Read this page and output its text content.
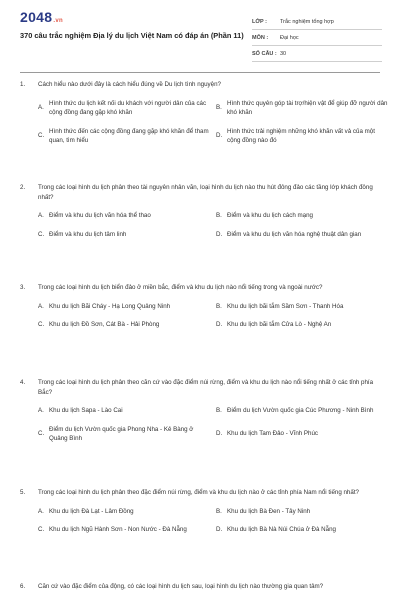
2048.vn
370 câu trắc nghiệm Địa lý du lịch Việt Nam có đáp án (Phần 11)
LỚP :	Trắc nghiệm tổng hợp
MÔN :	Đại học
SỐ CÂU : 30
1. Cách hiểu nào dưới đây là cách hiểu đúng về Du lịch tình nguyện?
A.
Hình thức du lịch kết nối du khách với người dân của các cộng đồng đang gặp khó khăn
B.
Hình thức quyên góp tài trợ/hiện vật để giúp đỡ người dân khó khăn
C.
Hình thức đến các cộng đồng đang gặp khó khăn để tham quan, tìm hiểu
D.
Hình thức trải nghiệm những khó khăn vất vả của một cộng đồng nào đó
2. Trong các loại hình du lịch phân theo tài nguyên nhân văn, loại hình du lịch nào thu hút đông đảo các tầng lớp khách đông nhất?
A. Điểm và khu du lịch văn hóa thể thao	B. Điểm và khu du lịch cách mạng
C. Điểm và khu du lịch tâm linh	D. Điểm và khu du lịch văn hóa nghệ thuật dân gian
3. Trong các loại hình du lịch biển đảo ở miền bắc, điểm và khu du lịch nào nổi tiếng trong và ngoài nước?
A. Khu du lịch Bãi Cháy - Hạ Long Quảng Ninh	B. Khu du lịch bãi tắm Sầm Sơn - Thanh Hóa
C. Khu du lịch Đồ Sơn, Cát Bà - Hải Phòng	D. Khu du lịch bãi tắm Cửa Lò - Nghệ An
4. Trong các loại hình du lịch phân theo căn cứ vào đặc điểm núi rừng, điểm và khu du lịch nào nổi tiếng nhất ở các tỉnh phía Bắc?
A. Khu du lịch Sapa - Lào Cai	B. Điểm du lịch Vườn quốc gia Cúc Phương - Ninh Bình
C.
Điểm du lịch Vườn quốc gia Phong Nha - Kẻ Bàng ở Quảng Bình
D. Khu du lịch Tam Đảo - Vĩnh Phúc
5. Trong các loại hình du lịch phân theo đặc điểm núi rừng, điểm và khu du lịch nào ở các tỉnh phía Nam nổi tiếng nhất?
A. Khu du lịch Đà Lạt - Lâm Đồng	B. Khu du lịch Bà Đen - Tây Ninh
C. Khu du lịch Ngũ Hành Sơn - Non Nước - Đà Nẵng	D. Khu du lịch Bà Nà Núi Chúa ở Đà Nẵng
6. Căn cứ vào đặc điểm của động, có các loại hình du lịch sau, loại hình du lịch nào thường gia quan tâm?
